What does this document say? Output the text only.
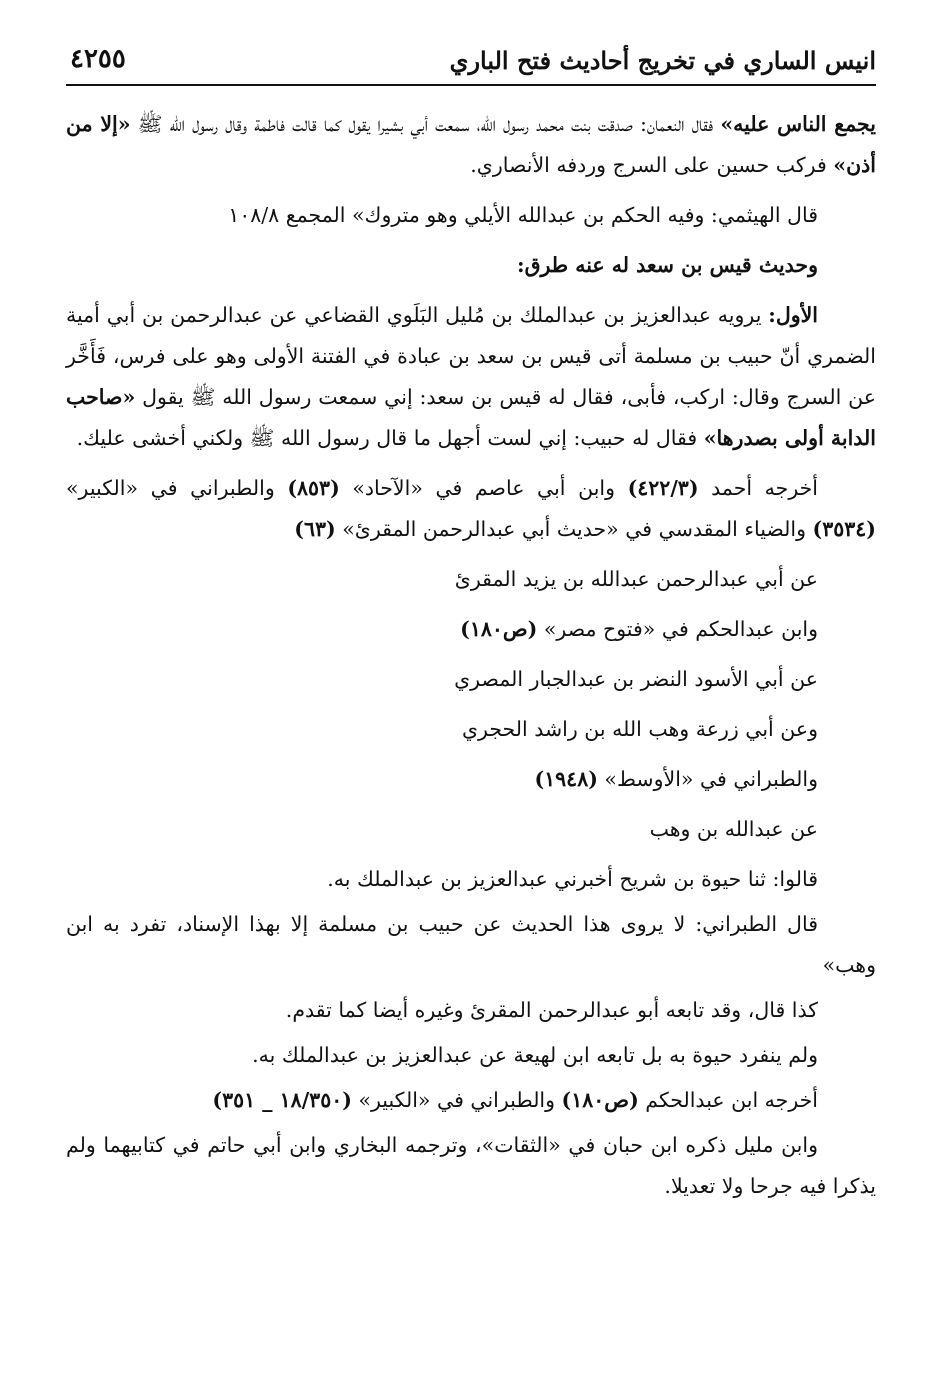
انيس الساري في تخريج أحاديث فتح الباري
٤٢٥٥

يجمع الناس عليه» فقال النعمان: صدقت بنت محمد رسول الله، سمعت أبي بشيرا يقول كما قالت فاطمة وقال رسول الله ﷺ «إلا من أذن» فركب حسين على السرج وردفه الأنصاري.

قال الهيثمي: وفيه الحكم بن عبدالله الأيلي وهو متروك» المجمع ١٠٨/٨

وحديث قيس بن سعد له عنه طرق:

الأول: يرويه عبدالعزيز بن عبدالملك بن مُليل البَلَوي القضاعي عن عبدالرحمن بن أبي أمية الضمري أنّ حبيب بن مسلمة أتى قيس بن سعد بن عبادة في الفتنة الأولى وهو على فرس، فَأَخَّر عن السرج وقال: اركب، فأبى، فقال له قيس بن سعد: إني سمعت رسول الله ﷺ يقول «صاحب الدابة أولى بصدرها» فقال له حبيب: إني لست أجهل ما قال رسول الله ﷺ ولكني أخشى عليك.

أخرجه أحمد (٤٢٢/٣) وابن أبي عاصم في «الآحاد» (٨٥٣) والطبراني في «الكبير» (٣٥٣٤) والضياء المقدسي في «حديث أبي عبدالرحمن المقرئ» (٦٣)

عن أبي عبدالرحمن عبدالله بن يزيد المقرئ

وابن عبدالحكم في «فتوح مصر» (ص١٨٠)

عن أبي الأسود النضر بن عبدالجبار المصري

وعن أبي زرعة وهب الله بن راشد الحجري

والطبراني في «الأوسط» (١٩٤٨)

عن عبدالله بن وهب

قالوا: ثنا حيوة بن شريح أخبرني عبدالعزيز بن عبدالملك به.

قال الطبراني: لا يروى هذا الحديث عن حبيب بن مسلمة إلا بهذا الإسناد، تفرد به ابن وهب»

كذا قال، وقد تابعه أبو عبدالرحمن المقرئ وغيره أيضا كما تقدم.

ولم ينفرد حيوة به بل تابعه ابن لهيعة عن عبدالعزيز بن عبدالملك به.

أخرجه ابن عبدالحكم (ص١٨٠) والطبراني في «الكبير» (١٨/٣٥٠ _ ٣٥١)

وابن مليل ذكره ابن حبان في «الثقات»، وترجمه البخاري وابن أبي حاتم في كتابيهما ولم يذكرا فيه جرحا ولا تعديلا.
